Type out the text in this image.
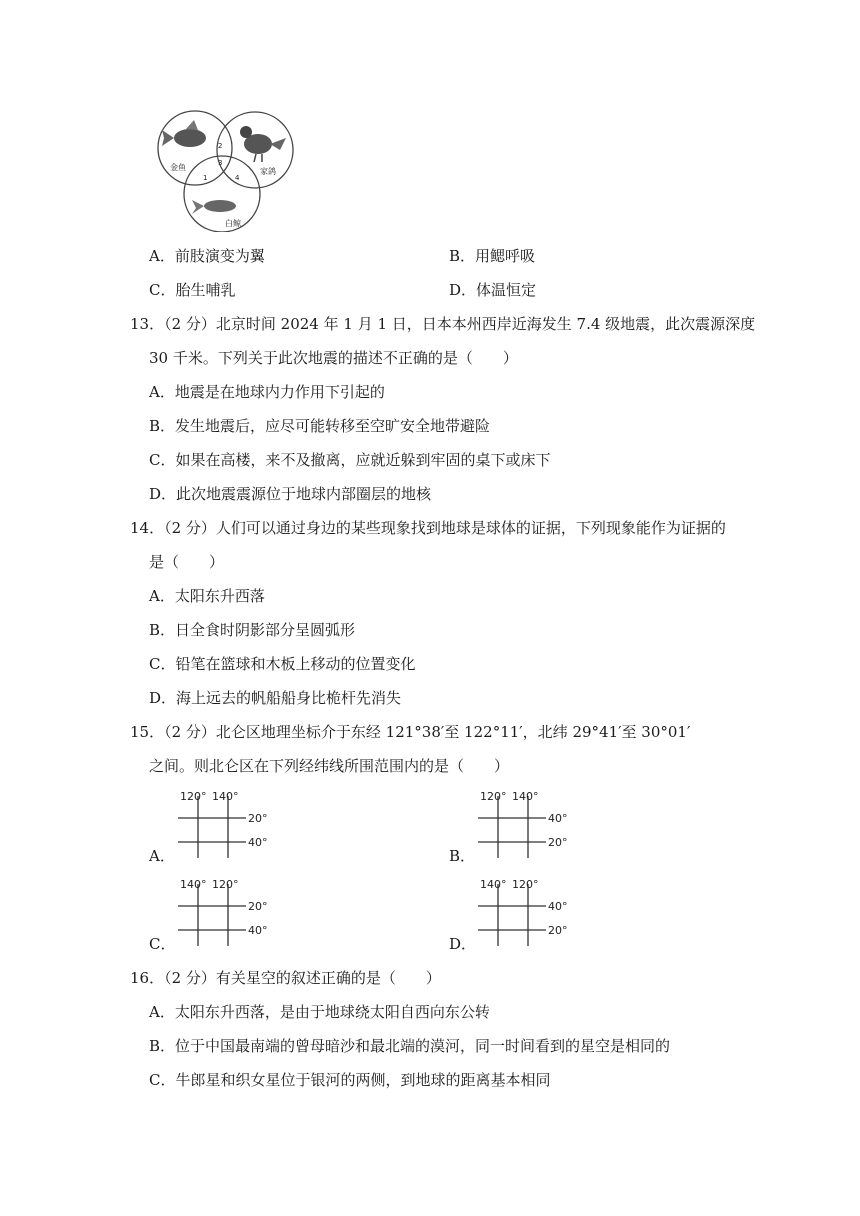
金鱼	家鸽
白鲸
2
1
3
4
A．前肢演变为翼	B．用鳃呼吸
C．胎生哺乳	D．体温恒定
13．（2 分）北京时间 2024 年 1 月 1 日，日本本州西岸近海发生 7.4 级地震，此次震源深度
30 千米。下列关于此次地震的描述不正确的是（　　）
A．地震是在地球内力作用下引起的
B．发生地震后，应尽可能转移至空旷安全地带避险
C．如果在高楼，来不及撤离，应就近躲到牢固的桌下或床下
D．此次地震震源位于地球内部圈层的地核
14．（2 分）人们可以通过身边的某些现象找到地球是球体的证据，下列现象能作为证据的
是（　　）
A．太阳东升西落
B．日全食时阴影部分呈圆弧形
C．铅笔在篮球和木板上移动的位置变化
D．海上远去的帆船船身比桅杆先消失
15．（2 分）北仑区地理坐标介于东经 121°38′至 122°11′，北纬 29°41′至 30°01′
之间。则北仑区在下列经纬线所围范围内的是（　　）
A．
120° 140°
20°
40°
B．
120° 140°
40°
20°
C．
140° 120°
20°
40°
D．
140° 120°
40°
20°
16．（2 分）有关星空的叙述正确的是（　　）
A．太阳东升西落，是由于地球绕太阳自西向东公转
B．位于中国最南端的曾母暗沙和最北端的漠河，同一时间看到的星空是相同的
C．牛郎星和织女星位于银河的两侧，到地球的距离基本相同
